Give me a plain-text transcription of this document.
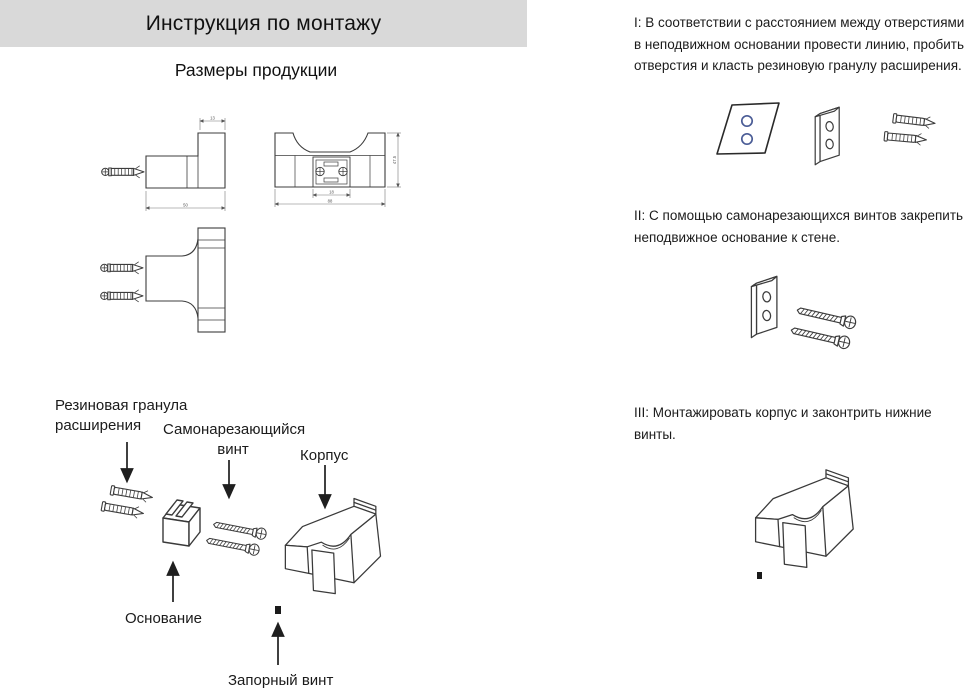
Инструкция по монтажу
Размеры продукции
13
50
47.5
18
88
Резиновая гранула расширения	Самонарезающийся винт	Корпус
Основание
Запорный винт

I: В соответствии с расстоянием между отверстиями в неподвижном основании провести линию, пробить отверстия и класть резиновую гранулу расширения.

II: С помощью самонарезающихся винтов закрепить неподвижное основание к стене.

III: Монтажировать корпус и законтрить нижние винты.
